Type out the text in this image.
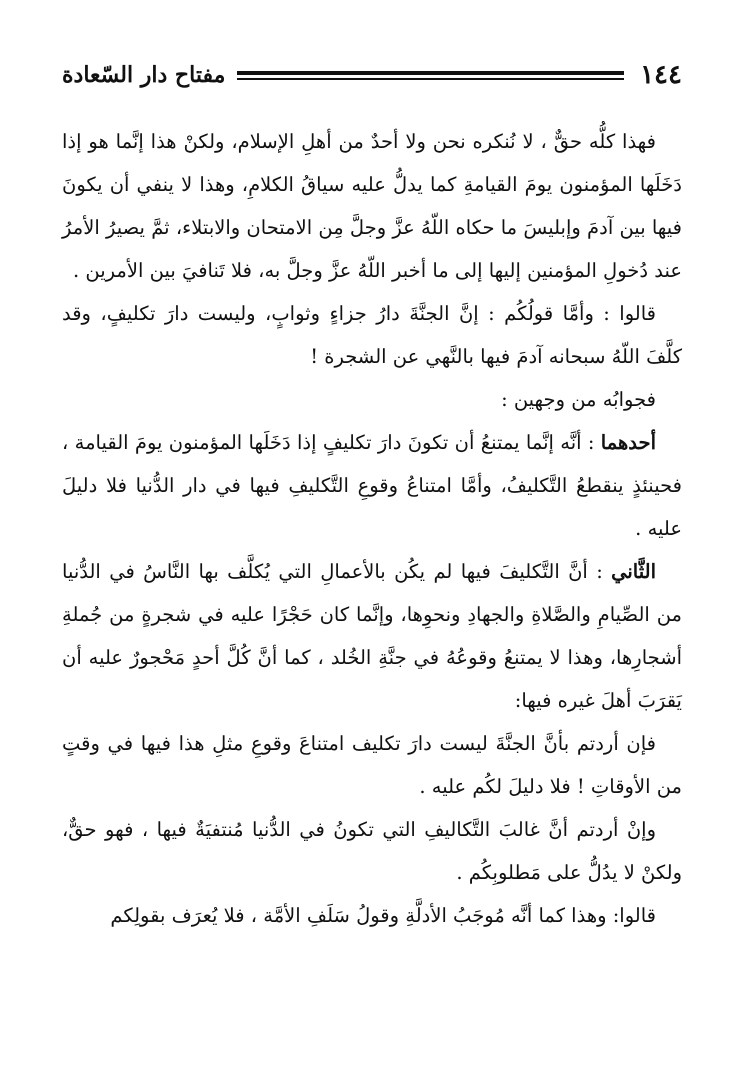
١٤٤
مفتاح دار السّعادة

فهذا كلُّه حقٌّ ، لا نُنكره نحن ولا أحدٌ من أهلِ الإسلام، ولكنْ هذا إنَّما هو إذا دَخَلَها المؤمنون يومَ القيامةِ كما يدلُّ عليه سياقُ الكلامِ، وهذا لا ينفي أن يكونَ فيها بين آدمَ وإبليسَ ما حكاه اللّهُ عزَّ وجلَّ مِن الامتحان والابتلاء، ثمَّ يصيرُ الأمرُ عند دُخولِ المؤمنين إليها إلى ما أخبر اللّهُ عزَّ وجلَّ به، فلا تَنافيَ بين الأمرين .

قالوا : وأمَّا قولُكُم : إنَّ الجنَّةَ دارُ جزاءٍ وثوابٍ، وليست دارَ تكليفٍ، وقد كلَّفَ اللّهُ سبحانه آدمَ فيها بالنَّهي عن الشجرة !

فجوابُه من وجهين :

أحدهما : أنَّه إنَّما يمتنعُ أن تكونَ دارَ تكليفٍ إذا دَخَلَها المؤمنون يومَ القيامة ، فحينئذٍ ينقطعُ التَّكليفُ، وأمَّا امتناعُ وقوعِ التَّكليفِ فيها في دار الدُّنيا فلا دليلَ عليه .

الثَّاني : أنَّ التَّكليفَ فيها لم يكُن بالأعمالِ التي يُكلَّف بها النَّاسُ في الدُّنيا من الصِّيامِ والصَّلاةِ والجهادِ ونحوِها، وإنَّما كان حَجْرًا عليه في شجرةٍ من جُملةِ أشجارِها، وهذا لا يمتنعُ وقوعُهُ في جنَّةِ الخُلد ، كما أنَّ كُلَّ أحدٍ مَحْجورٌ عليه أن يَقرَبَ أهلَ غيره فيها:

فإن أردتم بأنَّ الجنَّةَ ليست دارَ تكليف امتناعَ وقوعِ مثلِ هذا فيها في وقتٍ من الأوقاتِ ! فلا دليلَ لكُم عليه .

وإنْ أردتم أنَّ غالبَ التَّكاليفِ التي تكونُ في الدُّنيا مُنتفيَةٌ فيها ، فهو حقٌّ، ولكنْ لا يدُلُّ على مَطلوبِكُم .

قالوا: وهذا كما أنَّه مُوجَبُ الأدلَّةِ وقولُ سَلَفِ الأمَّة ، فلا يُعرَف بقولِكم
